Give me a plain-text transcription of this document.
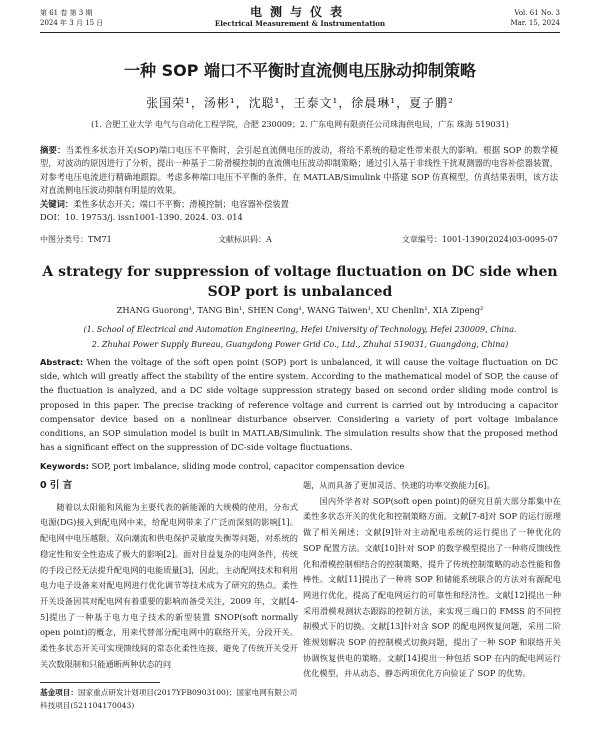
第 61 卷 第 3 期
2024 年 3 月 15 日
电测与仪表
Electrical Measurement & Instrumentation
Vol. 61 No. 3
Mar. 15, 2024
一种 SOP 端口不平衡时直流侧电压脉动抑制策略
张国荣¹，汤彬¹，沈聪¹，王泰文¹，徐晨琳¹，夏子鹏²
(1. 合肥工业大学 电气与自动化工程学院，合肥 230009；2. 广东电网有限责任公司珠海供电局，广东 珠海 519031)
摘要：当柔性多状态开关(SOP)端口电压不平衡时，会引起直流侧电压的波动，将给不系统的稳定性带来很大的影响。根据 SOP 的数学模型，对波动的原因进行了分析，提出一种基于二阶滑模控制的直流侧电压波动抑制策略；通过引入基于非线性干扰观测器的电容补偿器装置，对参考电压电流进行精确地跟踪。考虑多种端口电压不平衡的条件，在 MATLAB/Simulink 中搭建 SOP 仿真模型，仿真结果表明，该方法对直流侧电压波动抑制有明显的效果。
关键词：柔性多状态开关；端口不平衡；滑模控制；电容器补偿装置
DOI：10. 19753/j. issn1001-1390. 2024. 03. 014
中图分类号：TM71	文献标识码：A	文章编号：1001-1390(2024)03-0095-07
A strategy for suppression of voltage fluctuation on DC side when SOP port is unbalanced
ZHANG Guorong¹, TANG Bin¹, SHEN Cong¹, WANG Taiwen¹, XU Chenlin¹, XIA Zipeng²
(1. School of Electrical and Automation Engineering, Hefei University of Technology, Hefei 230009, China.
2. Zhuhai Power Supply Bureau, Guangdong Power Grid Co., Ltd., Zhuhai 519031, Guangdong, China)
Abstract: When the voltage of the soft open point (SOP) port is unbalanced, it will cause the voltage fluctuation on DC side, which will greatly affect the stability of the entire system. According to the mathematical model of SOP, the cause of the fluctuation is analyzed, and a DC side voltage suppression strategy based on second order sliding mode control is proposed in this paper. The precise tracking of reference voltage and current is carried out by introducing a capacitor compensator device based on a nonlinear disturbance observer. Considering a variety of port voltage imbalance conditions, an SOP simulation model is built in MATLAB/Simulink. The simulation results show that the proposed method has a significant effect on the suppression of DC-side voltage fluctuations.
Keywords: SOP, port imbalance, sliding mode control, capacitor compensation device
0 引 言

随着以太阳能和风能为主要代表的新能源的大规模的使用，分布式电源(DG)接入到配电网中来，给配电网带来了广泛而深刻的影响[1]。配电网中电压越限，双向潮流和供电保护灵敏度失衡等问题，对系统的稳定性和安全性造成了极大的影响[2]。面对目益复杂的电网条件，传统的手段已经无法提升配电网的电能质量[3]，因此，主动配网技术和利用电力电子设备来对配电网进行优化调节等技术成为了研究的热点。柔性开关设备因其对配电网有着重要的影响而备受关注，2009 年，文献[4-5]提出了一种基于电力电子技术的新型装置 SNOP(soft normally open point)的概念，用来代替部分配电网中的联络开关，分段开关。柔性多状态开关可实现馈线间的常态化柔性连接，避免了传统开关受开关次数限制和只能通断两种状态的问

题，从而具备了更加灵活、快速的功率交换能力[6]。

国内外学者对 SOP(soft open point)的研究目前大部分都集中在柔性多状态开关的优化和控制策略方面。文献[7-8]对 SOP 的运行原理做了相关阐述；文献[9]针对主动配电系统的运行提出了一种优化的 SOP 配置方法。文献[10]针对 SOP 的数学模型提出了一种将反馈线性化和滑模控制相结合的控制策略，提升了传统控制策略的动态性能和鲁棒性。文献[11]提出了一种将 SOP 和储能系统联合的方法对有源配电网进行优化，提高了配电网运行的可靠性和经济性。文献[12]提出一种采用滑模观测状态跟踪的控制方法，来实现三端口的 FMSS 的不同控制模式下的切换。文献[13]针对含 SOP 的配电网恢复问题，采用二阶锥规划解决 SOP 的控制模式切换问题，提出了一种 SOP 和联络开关协调恢复供电的策略。文献[14]提出一种包括 SOP 在内的配电网运行优化模型，并从动态、静态两项优化方向验证了 SOP 的优势。

基金项目：国家重点研发计划项目(2017YFB0903100)；国家电网有限公司科技项目(521104170043)
